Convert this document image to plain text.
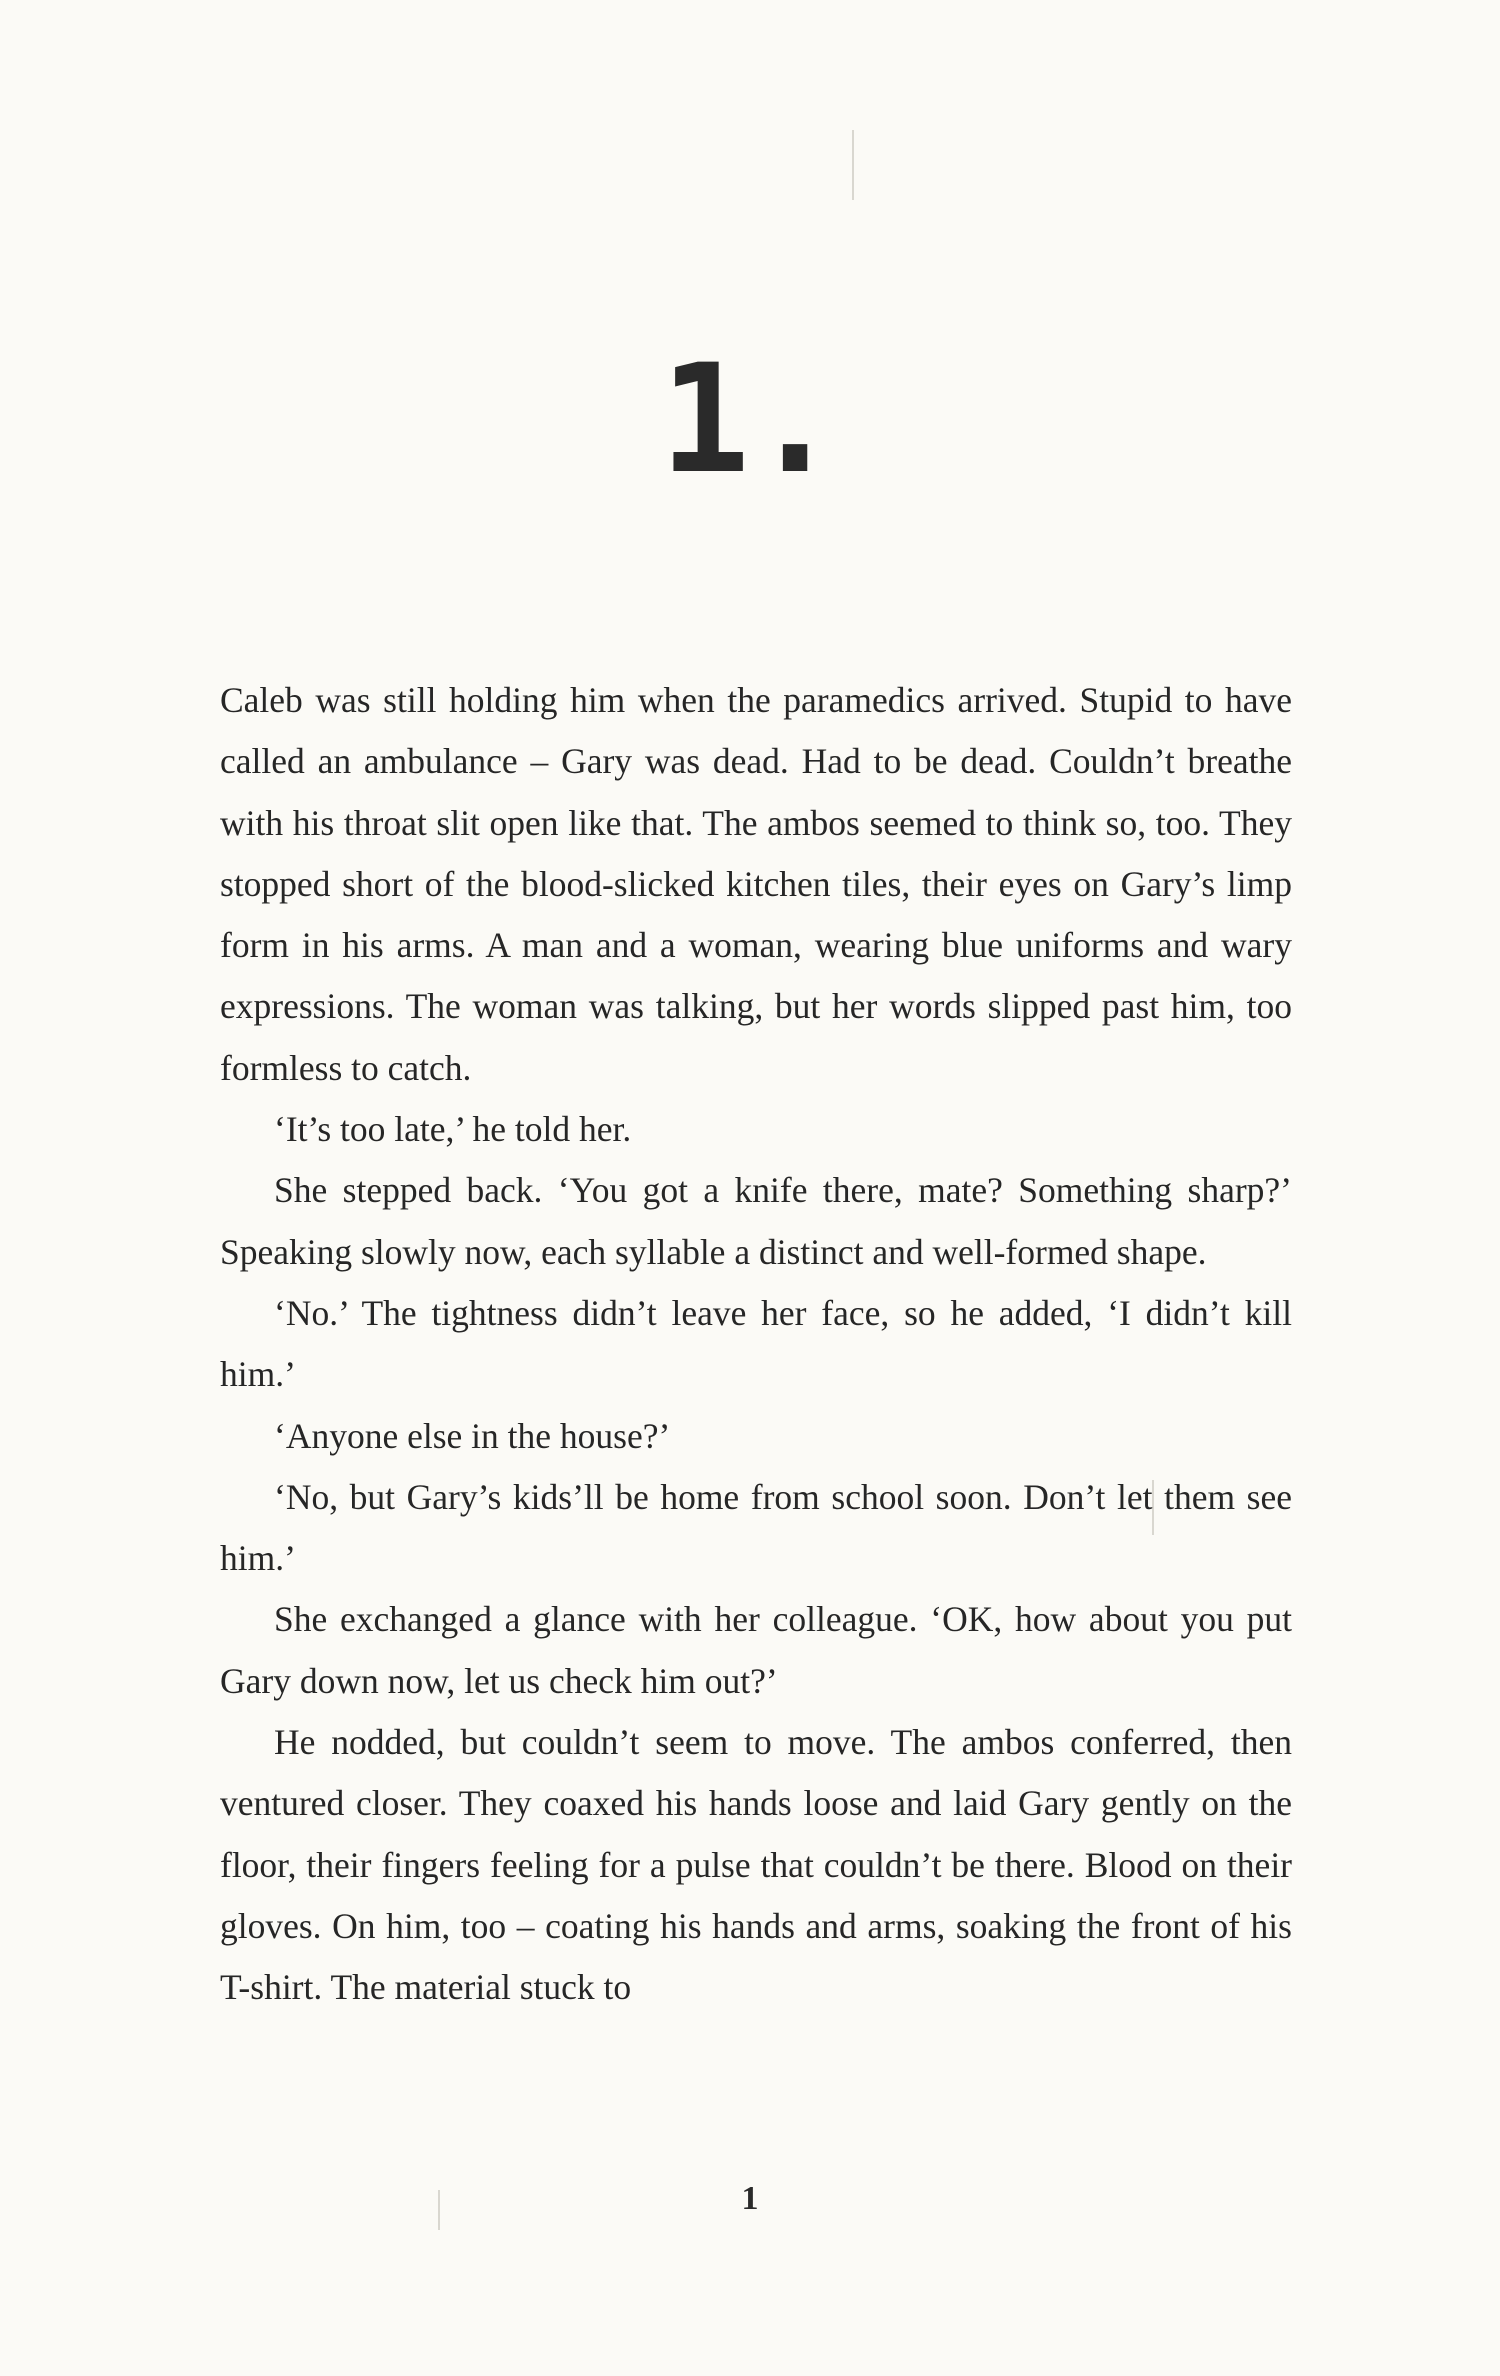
1.

Caleb was still holding him when the paramedics arrived. Stupid to have called an ambulance – Gary was dead. Had to be dead. Couldn’t breathe with his throat slit open like that. The ambos seemed to think so, too. They stopped short of the blood-slicked kitchen tiles, their eyes on Gary’s limp form in his arms. A man and a woman, wearing blue uniforms and wary expressions. The woman was talking, but her words slipped past him, too formless to catch.

‘It’s too late,’ he told her.

She stepped back. ‘You got a knife there, mate? Something sharp?’ Speaking slowly now, each syllable a distinct and well-formed shape.

‘No.’ The tightness didn’t leave her face, so he added, ‘I didn’t kill him.’

‘Anyone else in the house?’

‘No, but Gary’s kids’ll be home from school soon. Don’t let them see him.’

She exchanged a glance with her colleague. ‘OK, how about you put Gary down now, let us check him out?’

He nodded, but couldn’t seem to move. The ambos conferred, then ventured closer. They coaxed his hands loose and laid Gary gently on the floor, their fingers feeling for a pulse that couldn’t be there. Blood on their gloves. On him, too – coating his hands and arms, soaking the front of his T-shirt. The material stuck to

1
